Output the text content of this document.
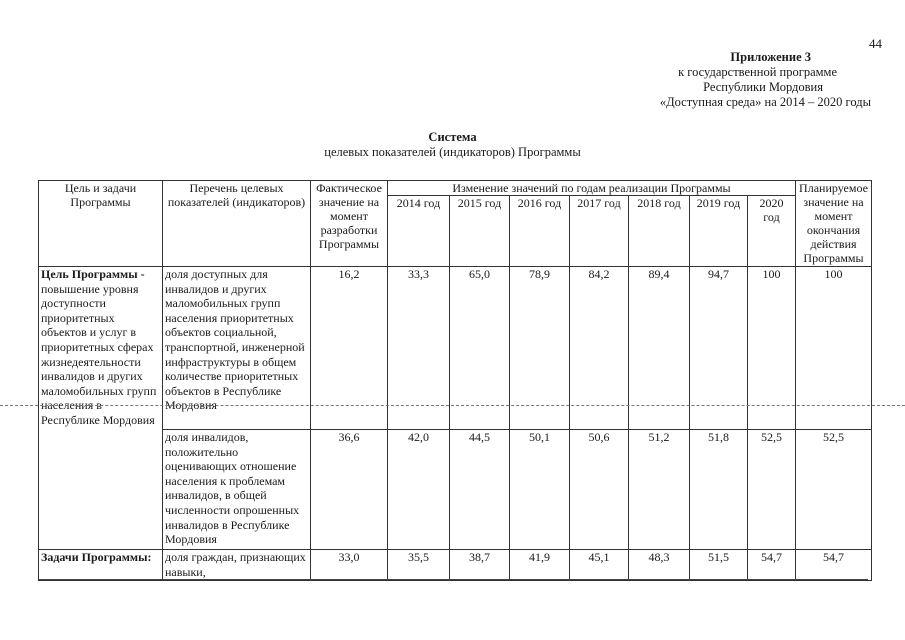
44
Приложение 3
к государственной программе
Республики Мордовия
«Доступная среда» на 2014 – 2020 годы
Система
целевых показателей (индикаторов) Программы
Цель и задачи Программы	Перечень целевых показателей (индикаторов)	Фактическое значение на момент разработки Программы	Изменение значений по годам реализации Программы							Планируемое значение на момент окончания действия Программы
			2014 год	2015 год	2016 год	2017 год	2018 год	2019 год	2020 год	
Цель Программы - повышение уровня доступности приоритетных объектов и услуг в приоритетных сферах жизнедеятельности инвалидов и других маломобильных групп населения в Республике Мордовия	доля доступных для инвалидов и других маломобильных групп населения приоритетных объектов социальной, транспортной, инженерной инфраструктуры в общем количестве приоритетных объектов в Республике Мордовия	16,2	33,3	65,0	78,9	84,2	89,4	94,7	100	100
	доля инвалидов, положительно оценивающих отношение населения к проблемам инвалидов, в общей численности опрошенных инвалидов в Республике Мордовия	36,6	42,0	44,5	50,1	50,6	51,2	51,8	52,5	52,5
Задачи Программы:	доля граждан, признающих навыки,	33,0	35,5	38,7	41,9	45,1	48,3	51,5	54,7	54,7
